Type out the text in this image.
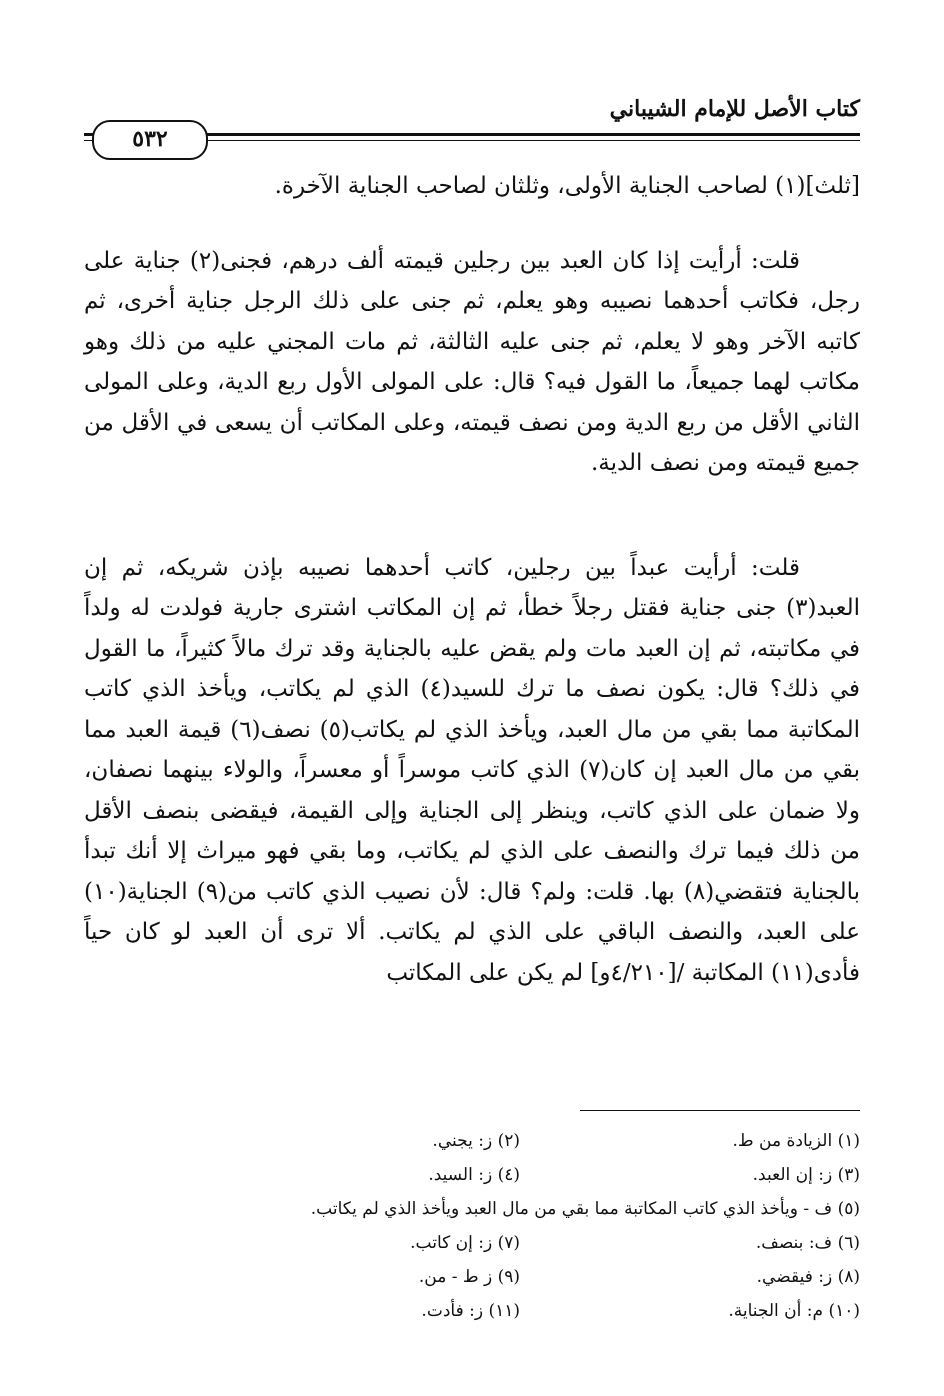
كتاب الأصل للإمام الشيباني
٥٣٢

[ثلث](١) لصاحب الجناية الأولى، وثلثان لصاحب الجناية الآخرة.

قلت: أرأيت إذا كان العبد بين رجلين قيمته ألف درهم، فجنى(٢) جناية على رجل، فكاتب أحدهما نصيبه وهو يعلم، ثم جنى على ذلك الرجل جناية أخرى، ثم كاتبه الآخر وهو لا يعلم، ثم جنى عليه الثالثة، ثم مات المجني عليه من ذلك وهو مكاتب لهما جميعاً، ما القول فيه؟ قال: على المولى الأول ربع الدية، وعلى المولى الثاني الأقل من ربع الدية ومن نصف قيمته، وعلى المكاتب أن يسعى في الأقل من جميع قيمته ومن نصف الدية.

قلت: أرأيت عبداً بين رجلين، كاتب أحدهما نصيبه بإذن شريكه، ثم إن العبد(٣) جنى جناية فقتل رجلاً خطأ، ثم إن المكاتب اشترى جارية فولدت له ولداً في مكاتبته، ثم إن العبد مات ولم يقض عليه بالجناية وقد ترك مالاً كثيراً، ما القول في ذلك؟ قال: يكون نصف ما ترك للسيد(٤) الذي لم يكاتب، ويأخذ الذي كاتب المكاتبة مما بقي من مال العبد، ويأخذ الذي لم يكاتب(٥) نصف(٦) قيمة العبد مما بقي من مال العبد إن كان(٧) الذي كاتب موسراً أو معسراً، والولاء بينهما نصفان، ولا ضمان على الذي كاتب، وينظر إلى الجناية وإلى القيمة، فيقضى بنصف الأقل من ذلك فيما ترك والنصف على الذي لم يكاتب، وما بقي فهو ميراث إلا أنك تبدأ بالجناية فتقضي(٨) بها. قلت: ولم؟ قال: لأن نصيب الذي كاتب من(٩) الجناية(١٠) على العبد، والنصف الباقي على الذي لم يكاتب. ألا ترى أن العبد لو كان حياً فأدى(١١) المكاتبة /[٤/٢١٠و] لم يكن على المكاتب

(١) الزيادة من ط.
(٢) ز: يجني.
(٣) ز: إن العبد.
(٤) ز: السيد.
(٥) ف - ويأخذ الذي كاتب المكاتبة مما بقي من مال العبد ويأخذ الذي لم يكاتب.
(٦) ف: بنصف.
(٧) ز: إن كاتب.
(٨) ز: فيقضي.
(٩) ز ط - من.
(١٠) م: أن الجناية.
(١١) ز: فأدت.
